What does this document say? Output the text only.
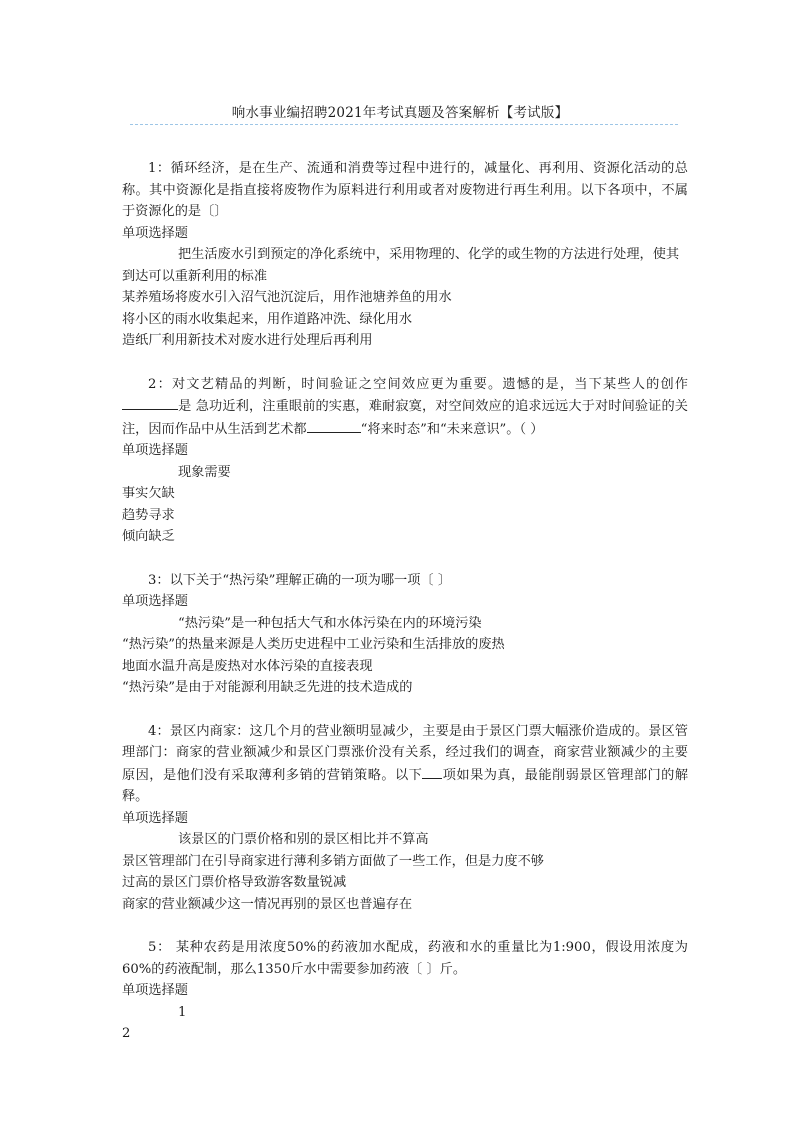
响水事业编招聘2021年考试真题及答案解析【考试版】

1：循环经济，是在生产、流通和消费等过程中进行的，减量化、再利用、资源化活动的总称。其中资源化是指直接将废物作为原料进行利用或者对废物进行再生利用。以下各项中，不属于资源化的是〔〕

单项选择题

把生活废水引到预定的净化系统中，采用物理的、化学的或生物的方法进行处理，使其到达可以重新利用的标准

某养殖场将废水引入沼气池沉淀后，用作池塘养鱼的用水

将小区的雨水收集起来，用作道路冲洗、绿化用水

造纸厂利用新技术对废水进行处理后再利用

2：对文艺精品的判断，时间验证之空间效应更为重要。遗憾的是，当下某些人的创作是 急功近利，注重眼前的实惠，难耐寂寞，对空间效应的追求远远大于对时间验证的关注，因而作品中从生活到艺术都	“将来时态”和“未来意识”。（ ）

单项选择题

现象需要

事实欠缺

趋势寻求

倾向缺乏

3：以下关于“热污染”理解正确的一项为哪一项〔 〕

单项选择题

“热污染”是一种包括大气和水体污染在内的环境污染

“热污染”的热量来源是人类历史进程中工业污染和生活排放的废热

地面水温升高是废热对水体污染的直接表现

“热污染”是由于对能源利用缺乏先进的技术造成的

4：景区内商家：这几个月的营业额明显减少，主要是由于景区门票大幅涨价造成的。景区管理部门：商家的营业额减少和景区门票涨价没有关系，经过我们的调查，商家营业额减少的主要原因，是他们没有采取薄利多销的营销策略。以下 项如果为真，最能削弱景区管理部门的解释。

单项选择题

该景区的门票价格和别的景区相比并不算高

景区管理部门在引导商家进行薄利多销方面做了一些工作，但是力度不够

过高的景区门票价格导致游客数量锐减

商家的营业额减少这一情况再别的景区也普遍存在

5： 某种农药是用浓度50%的药液加水配成，药液和水的重量比为1:900，假设用浓度为60%的药液配制，那么1350斤水中需要参加药液〔 〕斤。

单项选择题

1

2
